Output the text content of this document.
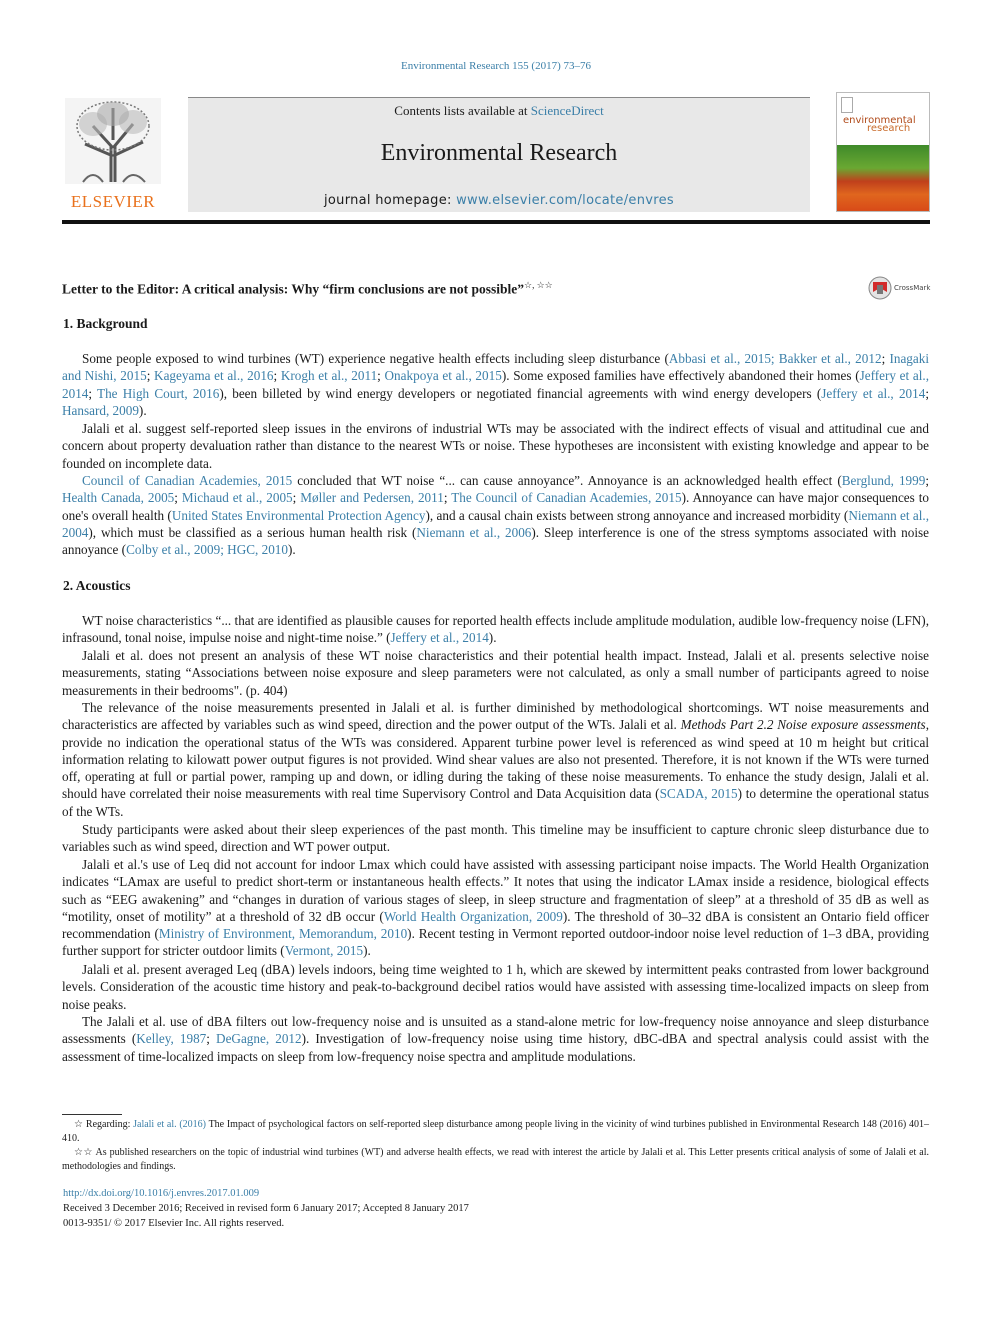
Environmental Research 155 (2017) 73–76
ELSEVIER
Contents lists available at ScienceDirect
Environmental Research
journal homepage: www.elsevier.com/locate/envres
environmental
research
Letter to the Editor: A critical analysis: Why “firm conclusions are not possible”☆, ☆☆	CrossMark
1. Background

Some people exposed to wind turbines (WT) experience negative health effects including sleep disturbance (Abbasi et al., 2015; Bakker et al., 2012; Inagaki and Nishi, 2015; Kageyama et al., 2016; Krogh et al., 2011; Onakpoya et al., 2015). Some exposed families have effectively abandoned their homes (Jeffery et al., 2014; The High Court, 2016), been billeted by wind energy developers or negotiated financial agreements with wind energy developers (Jeffery et al., 2014; Hansard, 2009).

Jalali et al. suggest self-reported sleep issues in the environs of industrial WTs may be associated with the indirect effects of visual and attitudinal cue and concern about property devaluation rather than distance to the nearest WTs or noise. These hypotheses are inconsistent with existing knowledge and appear to be founded on incomplete data.

Council of Canadian Academies, 2015 concluded that WT noise “... can cause annoyance”. Annoyance is an acknowledged health effect (Berglund, 1999; Health Canada, 2005; Michaud et al., 2005; Møller and Pedersen, 2011; The Council of Canadian Academies, 2015). Annoyance can have major consequences to one's overall health (United States Environmental Protection Agency), and a causal chain exists between strong annoyance and increased morbidity (Niemann et al., 2004), which must be classified as a serious human health risk (Niemann et al., 2006). Sleep interference is one of the stress symptoms associated with noise annoyance (Colby et al., 2009; HGC, 2010).

2. Acoustics

WT noise characteristics “... that are identified as plausible causes for reported health effects include amplitude modulation, audible low-frequency noise (LFN), infrasound, tonal noise, impulse noise and night-time noise.” (Jeffery et al., 2014).

Jalali et al. does not present an analysis of these WT noise characteristics and their potential health impact. Instead, Jalali et al. presents selective noise measurements, stating “Associations between noise exposure and sleep parameters were not calculated, as only a small number of participants agreed to noise measurements in their bedrooms". (p. 404)

The relevance of the noise measurements presented in Jalali et al. is further diminished by methodological shortcomings. WT noise measurements and characteristics are affected by variables such as wind speed, direction and the power output of the WTs. Jalali et al. Methods Part 2.2 Noise exposure assessments, provide no indication the operational status of the WTs was considered. Apparent turbine power level is referenced as wind speed at 10 m height but critical information relating to kilowatt power output figures is not provided. Wind shear values are also not presented. Therefore, it is not known if the WTs were turned off, operating at full or partial power, ramping up and down, or idling during the taking of these noise measurements. To enhance the study design, Jalali et al. should have correlated their noise measurements with real time Supervisory Control and Data Acquisition data (SCADA, 2015) to determine the operational status of the WTs.

Study participants were asked about their sleep experiences of the past month. This timeline may be insufficient to capture chronic sleep disturbance due to variables such as wind speed, direction and WT power output.

Jalali et al.'s use of Leq did not account for indoor Lmax which could have assisted with assessing participant noise impacts. The World Health Organization indicates “LAmax are useful to predict short-term or instantaneous health effects.” It notes that using the indicator LAmax inside a residence, biological effects such as “EEG awakening” and “changes in duration of various stages of sleep, in sleep structure and fragmentation of sleep” at a threshold of 35 dB as well as “motility, onset of motility” at a threshold of 32 dB occur (World Health Organization, 2009). The threshold of 30–32 dBA is consistent an Ontario field officer recommendation (Ministry of Environment, Memorandum, 2010). Recent testing in Vermont reported outdoor-indoor noise level reduction of 1–3 dBA, providing further support for stricter outdoor limits (Vermont, 2015).

Jalali et al. present averaged Leq (dBA) levels indoors, being time weighted to 1 h, which are skewed by intermittent peaks contrasted from lower background levels. Consideration of the acoustic time history and peak-to-background decibel ratios would have assisted with assessing time-localized impacts on sleep from noise peaks.

The Jalali et al. use of dBA filters out low-frequency noise and is unsuited as a stand-alone metric for low-frequency noise annoyance and sleep disturbance assessments (Kelley, 1987; DeGagne, 2012). Investigation of low-frequency noise using time history, dBC-dBA and spectral analysis could assist with the assessment of time-localized impacts on sleep from low-frequency noise spectra and amplitude modulations.

☆ Regarding: Jalali et al. (2016) The Impact of psychological factors on self-reported sleep disturbance among people living in the vicinity of wind turbines published in Environmental Research 148 (2016) 401–410.

☆☆ As published researchers on the topic of industrial wind turbines (WT) and adverse health effects, we read with interest the article by Jalali et al. This Letter presents critical analysis of some of Jalali et al. methodologies and findings.

http://dx.doi.org/10.1016/j.envres.2017.01.009
Received 3 December 2016; Received in revised form 6 January 2017; Accepted 8 January 2017
0013-9351/ © 2017 Elsevier Inc. All rights reserved.
